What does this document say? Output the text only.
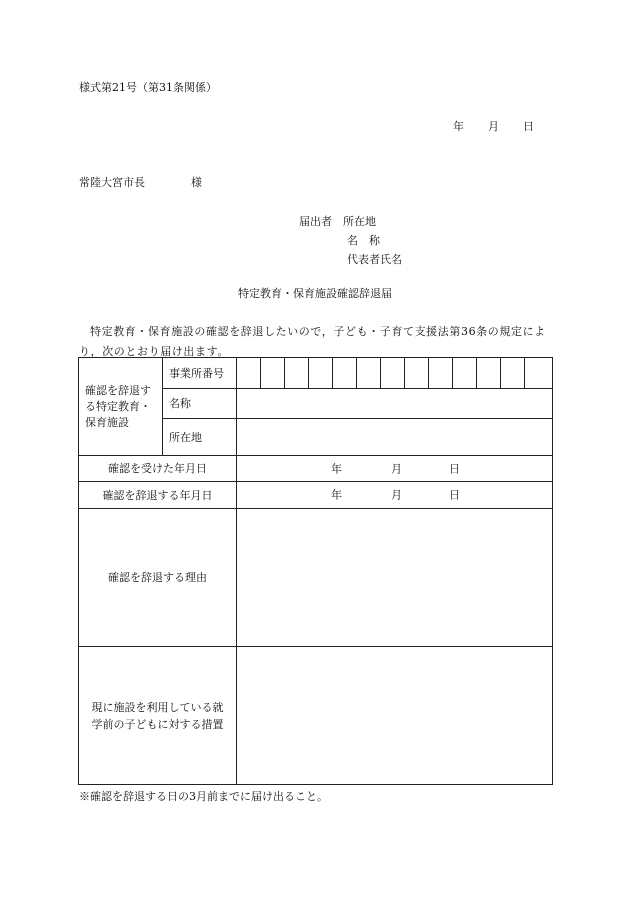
様式第21号（第31条関係）
年 月 日
常陸大宮市長	様
届出者　 所在地
名　称
代表者氏名
特定教育・保育施設確認辞退届
特定教育・保育施設の確認を辞退したいので，子ども・子育て支援法第36条の規定により，次のとおり届け出ます。
確認を辞退する特定教育・保育施設	事業所番号													
	名称													
	所在地													
確認を受けた年月日		年 月 日												

確認を辞退する年月日		年 月 日												

確認を辞退する理由														

現に施設を利用している就学前の子どもに対する措置														

※確認を辞退する日の3月前までに届け出ること。
